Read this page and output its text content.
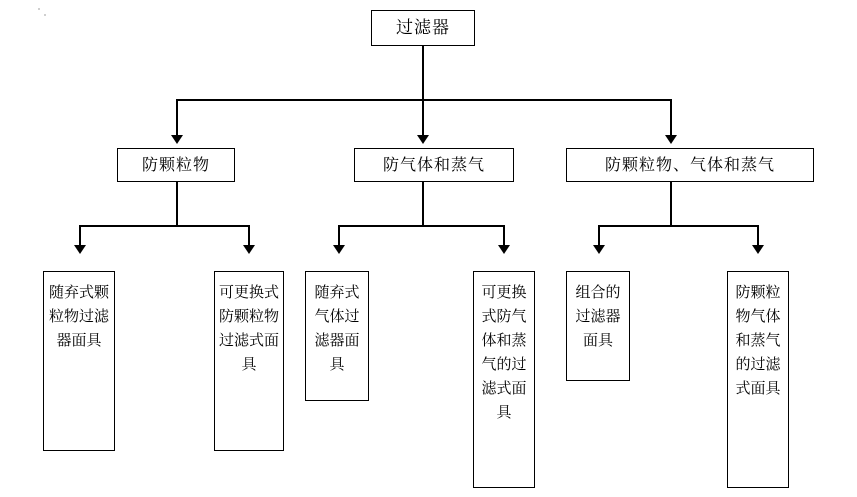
过滤器
防颗粒物	防气体和蒸气	防颗粒物、气体和蒸气
随弃式颗粒物过滤器面具
可更换式防颗粒物过滤式面具
随弃式气体过滤器面具
可更换式防气体和蒸气的过滤式面具
组合的过滤器面具
防颗粒物气体和蒸气的过滤式面具
